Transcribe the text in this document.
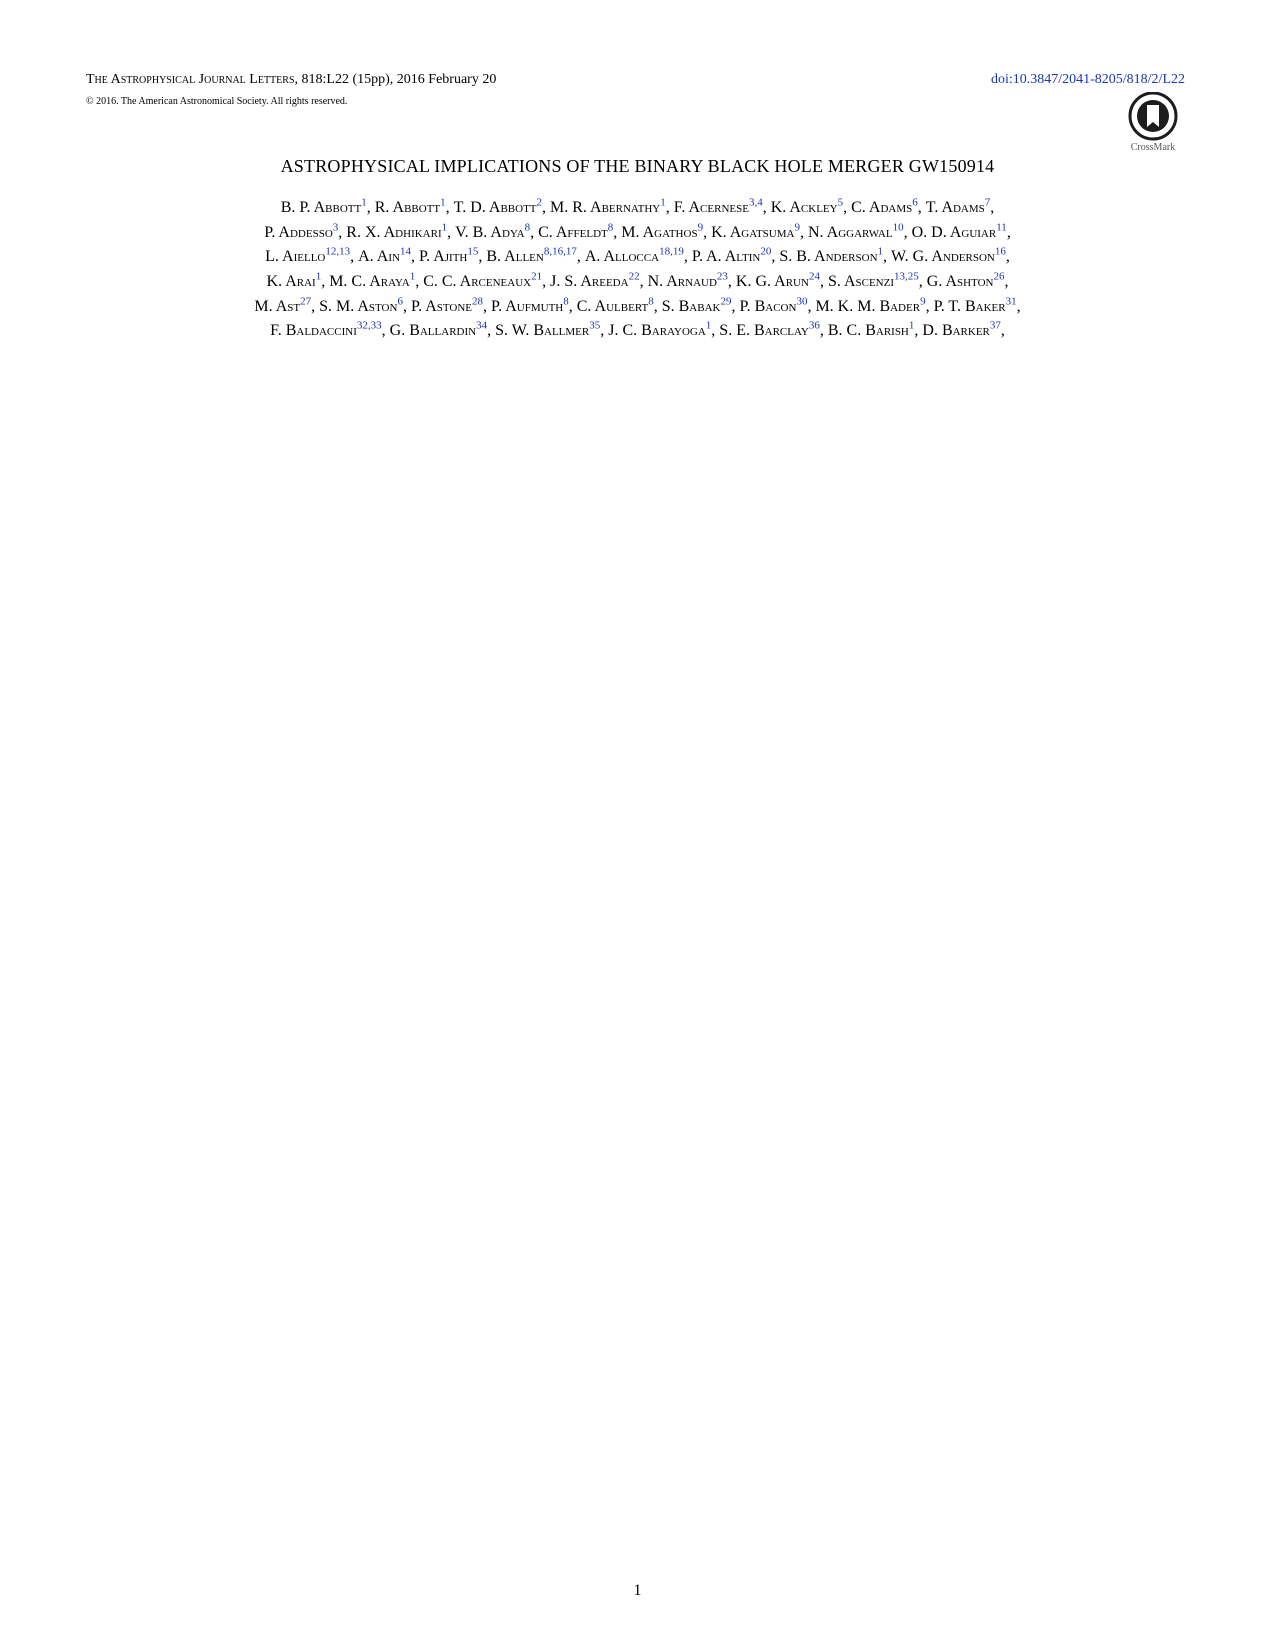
The Astrophysical Journal Letters, 818:L22 (15pp), 2016 February 20
© 2016. The American Astronomical Society. All rights reserved.
doi:10.3847/2041-8205/818/2/L22
CrossMark
ASTROPHYSICAL IMPLICATIONS OF THE BINARY BLACK HOLE MERGER GW150914
B. P. Abbott$^1$, R. Abbott$^1$, T. D. Abbott$^2$, M. R. Abernathy$^1$, F. Acernese$^{3,4}$, K. Ackley$^5$, C. Adams$^6$, T. Adams$^7$,
P. Addesso$^3$, R. X. Adhikari$^1$, V. B. Adya$^8$, C. Affeldt$^8$, M. Agathos$^9$, K. Agatsuma$^9$, N. Aggarwal$^{10}$, O. D. Aguiar$^{11}$,
L. Aiello$^{12,13}$, A. Ain$^{14}$, P. Ajith$^{15}$, B. Allen$^{8,16,17}$, A. Allocca$^{18,19}$, P. A. Altin$^{20}$, S. B. Anderson$^1$, W. G. Anderson$^{16}$,
K. Arai$^1$, M. C. Araya$^1$, C. C. Arceneaux$^{21}$, J. S. Areeda$^{22}$, N. Arnaud$^{23}$, K. G. Arun$^{24}$, S. Ascenzi$^{13,25}$, G. Ashton$^{26}$,
M. Ast$^{27}$, S. M. Aston$^6$, P. Astone$^{28}$, P. Aufmuth$^8$, C. Aulbert$^8$, S. Babak$^{29}$, P. Bacon$^{30}$, M. K. M. Bader$^9$, P. T. Baker$^{31}$,
F. Baldaccini$^{32,33}$, G. Ballardin$^{34}$, S. W. Ballmer$^{35}$, J. C. Barayoga$^1$, S. E. Barclay$^{36}$, B. C. Barish$^1$, D. Barker$^{37}$,
1
